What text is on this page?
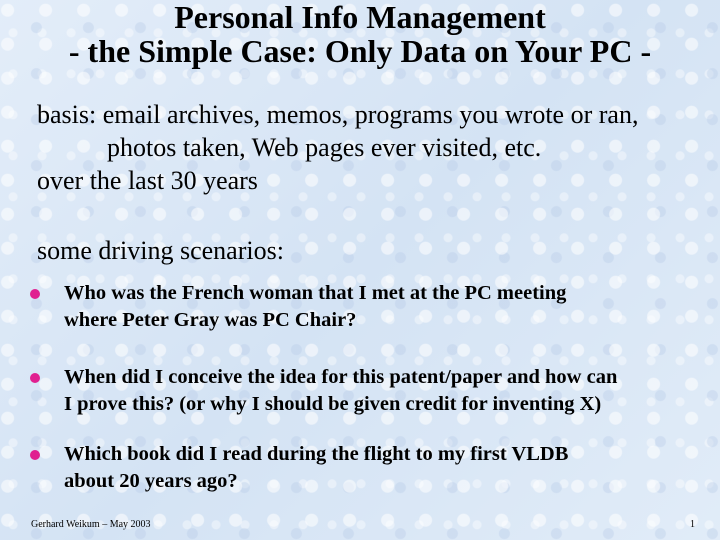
Personal Info Management
- the Simple Case: Only Data on Your PC -
basis: email archives, memos, programs you wrote or ran,
photos taken, Web pages ever visited, etc.
over the last 30 years
some driving scenarios:
Who was the French woman that I met at the PC meeting
where Peter Gray was PC Chair?
When did I conceive the idea for this patent/paper and how can
I prove this? (or why I should be given credit for inventing X)
Which book did I read during the flight to my first VLDB
about 20 years ago?
Gerhard Weikum – May 2003	1
